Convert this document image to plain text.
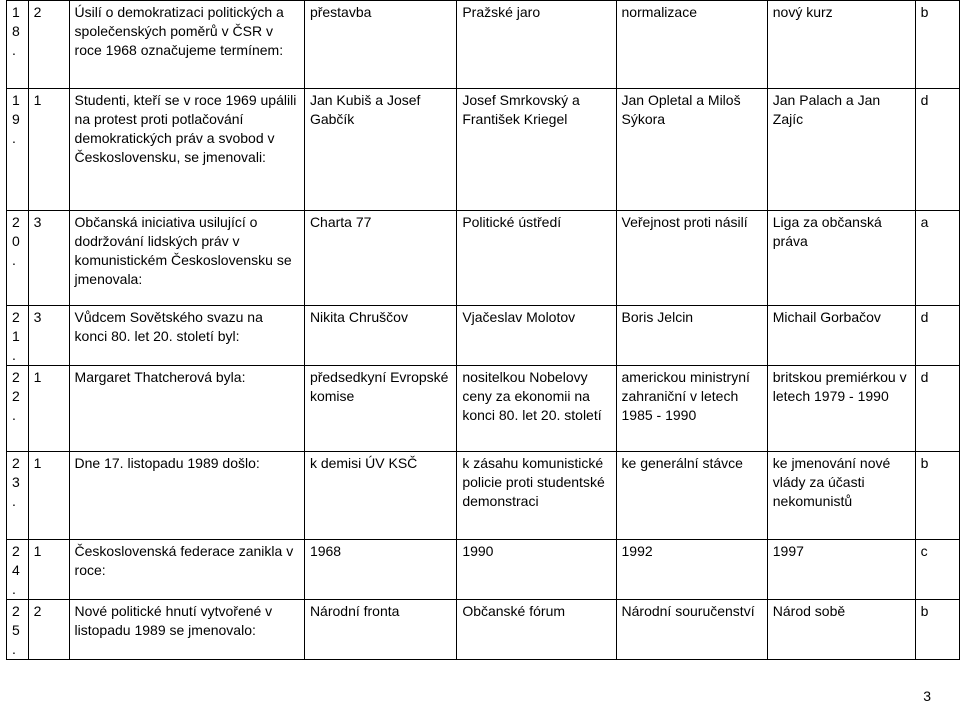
18.	2	Úsilí o demokratizaci politických a společenských poměrů v ČSR v roce 1968 označujeme termínem:	přestavba	Pražské jaro	normalizace	nový kurz	b
19.	1	Studenti, kteří se v roce 1969 upálili na protest proti potlačování demokratických práv a svobod v Československu, se jmenovali:	Jan Kubiš a Josef Gabčík	Josef Smrkovský a František Kriegel	Jan Opletal a Miloš Sýkora	Jan Palach a Jan Zajíc	d
20.	3	Občanská iniciativa usilující o dodržování lidských práv v komunistickém Československu se jmenovala:	Charta 77	Politické ústředí	Veřejnost proti násilí	Liga za občanská práva	a
21.	3	Vůdcem Sovětského svazu na konci 80. let 20. století byl:	Nikita Chruščov	Vjačeslav Molotov	Boris Jelcin	Michail Gorbačov	d
22.	1	Margaret Thatcherová byla:	předsedkyní Evropské komise	nositelkou Nobelovy ceny za ekonomii na konci 80. let 20. století	americkou ministryní zahraniční v letech 1985 - 1990	britskou premiérkou v letech 1979 - 1990	d
23.	1	Dne 17. listopadu 1989 došlo:	k demisi ÚV KSČ	k zásahu komunistické policie proti studentské demonstraci	ke generální stávce	ke jmenování nové vlády za účasti nekomunistů	b
24.	1	Československá federace zanikla v roce:	1968	1990	1992	1997	c
25.	2	Nové politické hnutí vytvořené v listopadu 1989 se jmenovalo:	Národní fronta	Občanské fórum	Národní souručenství	Národ sobě	b
3
